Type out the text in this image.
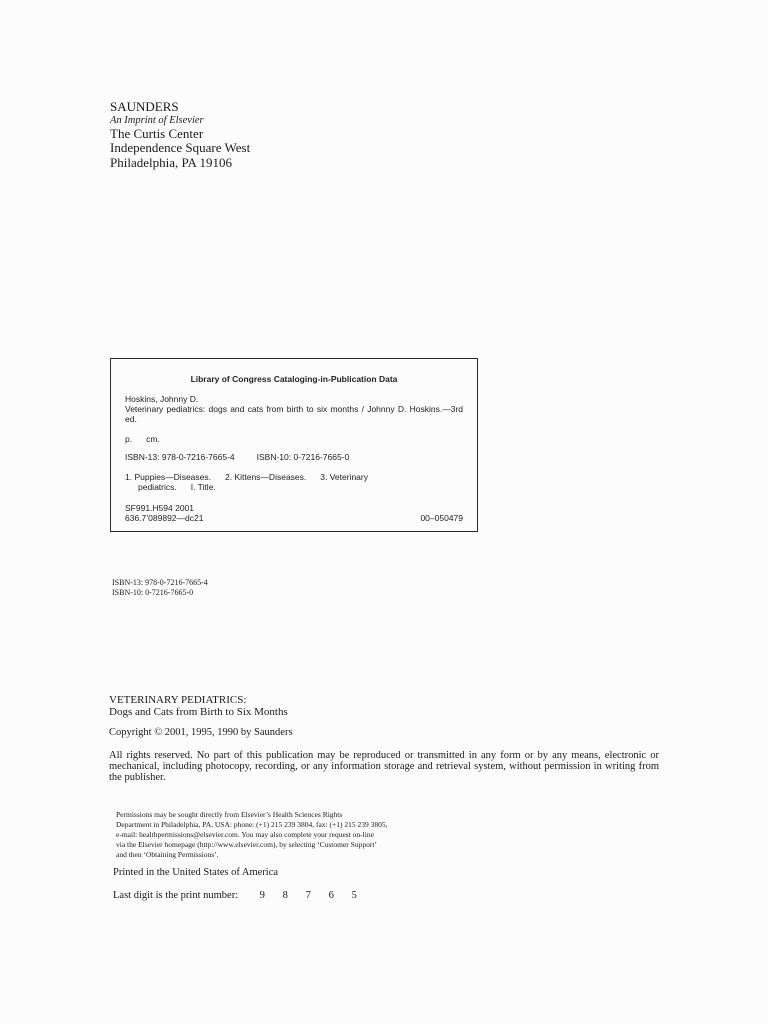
SAUNDERS
An Imprint of Elsevier
The Curtis Center
Independence Square West
Philadelphia, PA 19106
Library of Congress Cataloging-in-Publication Data
Hoskins, Johnny D.
Veterinary pediatrics: dogs and cats from birth to six months / Johnny D. Hoskins.—3rd ed.
p. cm.
ISBN-13: 978-0-7216-7665-4	ISBN-10: 0-7216-7665-0
1. Puppies—Diseases. 2. Kittens—Diseases. 3. Veterinary
pediatrics. I. Title.
SF991.H594 2001
636.7’089892—dc21	00–050479
ISBN-13: 978-0-7216-7665-4
ISBN-10: 0-7216-7665-0
VETERINARY PEDIATRICS:
Dogs and Cats from Birth to Six Months
Copyright © 2001, 1995, 1990 by Saunders
All rights reserved. No part of this publication may be reproduced or transmitted in any form or by any means, electronic or mechanical, including photocopy, recording, or any information storage and retrieval system, without permission in writing from the publisher.
Permissions may be sought directly from Elsevier’s Health Sciences Rights
Department in Philadelphia, PA, USA: phone: (+1) 215 239 3804, fax: (+1) 215 239 3805,
e-mail: healthpermissions@elsevier.com. You may also complete your request on-line
via the Elsevier homepage (http://www.elsevier.com), by selecting ‘Customer Support’
and then ‘Obtaining Permissions’.
Printed in the United States of America
Last digit is the print number: 9 8 7 6 5
